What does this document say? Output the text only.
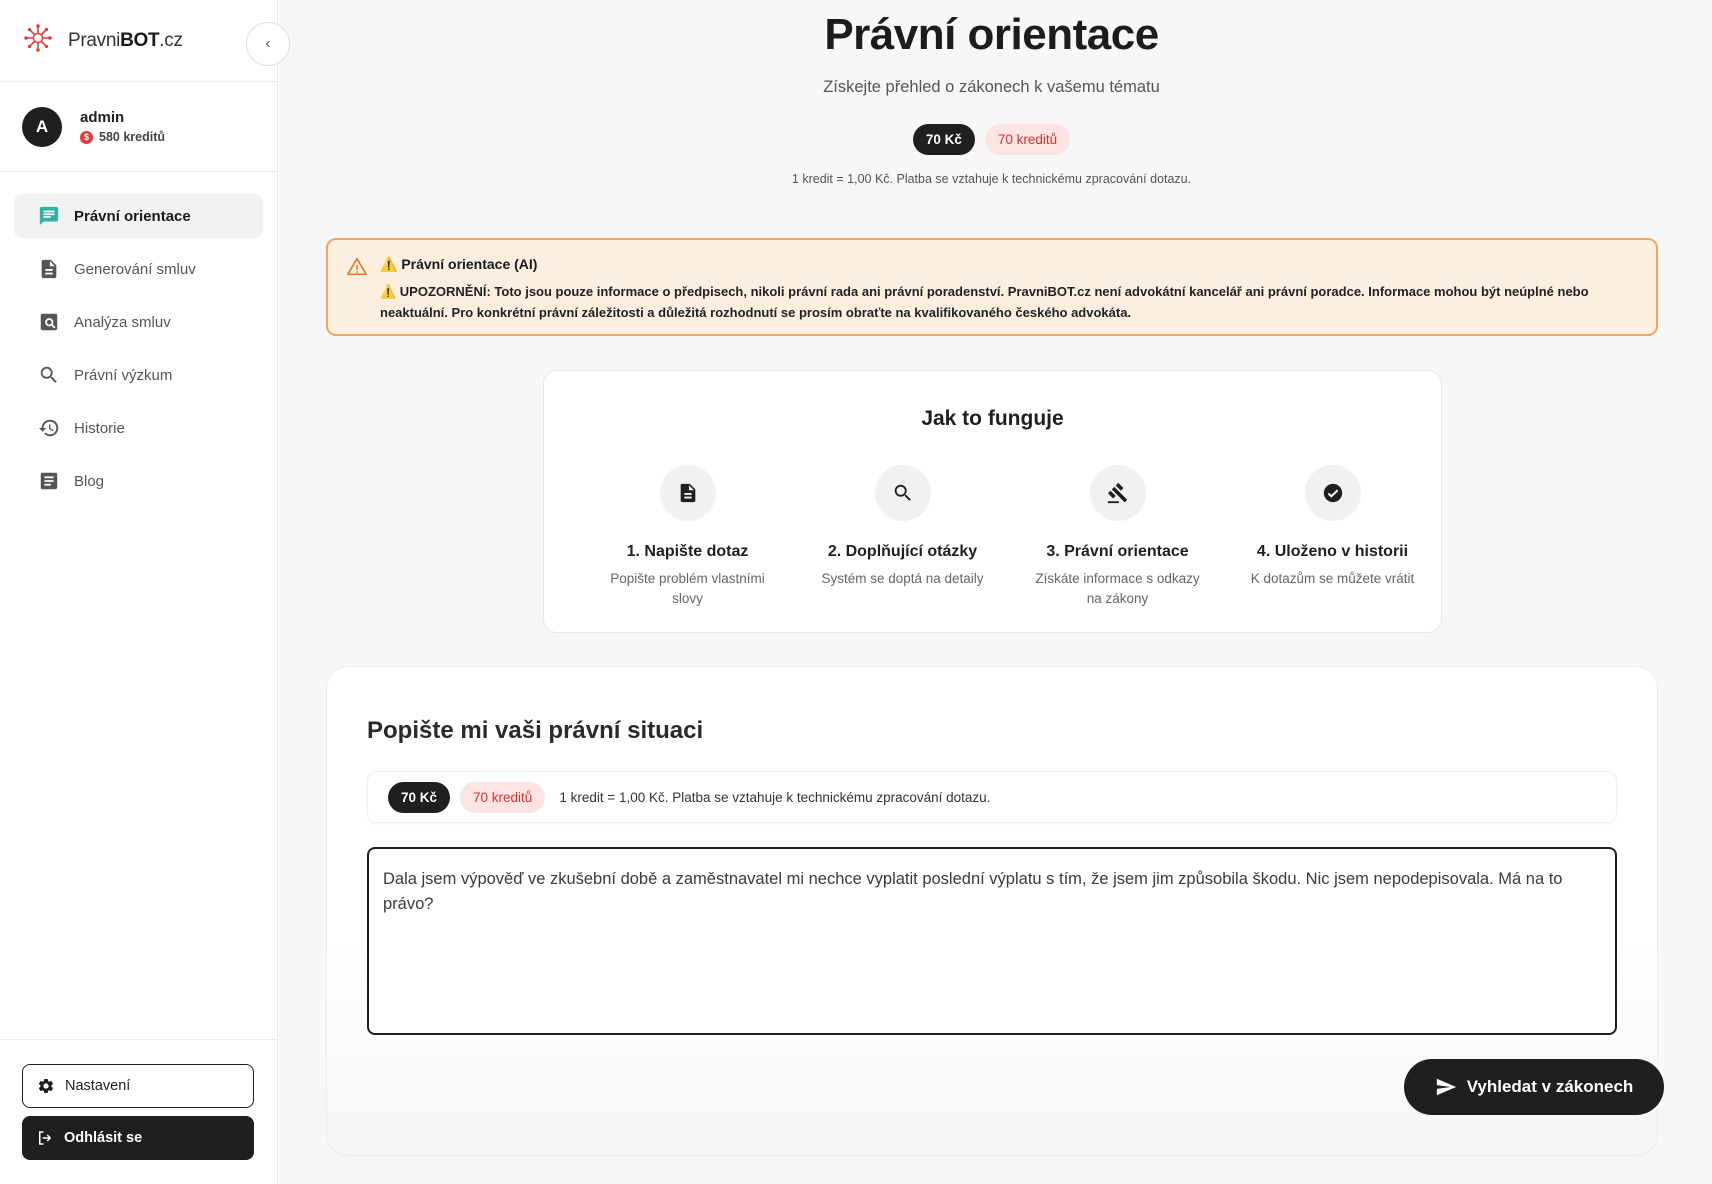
PravniBOT.cz
A	admin
$ 580 kreditů
Právní orientace
Generování smluv
Analýza smluv
Právní výzkum
Historie
Blog
Nastavení
Odhlásit se
‹	Právní orientace
Získejte přehled o zákonech k vašemu tématu
70 Kč	70 kreditů
1 kredit = 1,00 Kč. Platba se vztahuje k technickému zpracování dotazu.
⚠️ Právní orientace (AI)
⚠️ UPOZORNĚNÍ: Toto jsou pouze informace o předpisech, nikoli právní rada ani právní poradenství. PravniBOT.cz není advokátní kancelář ani právní poradce. Informace mohou být neúplné nebo neaktuální. Pro konkrétní právní záležitosti a důležitá rozhodnutí se prosím obraťte na kvalifikovaného českého advokáta.
Jak to funguje
1. Napište dotaz
Popište problém vlastními slovy
2. Doplňující otázky
Systém se doptá na detaily
3. Právní orientace
Získáte informace s odkazy na zákony
4. Uloženo v historii
K dotazům se můžete vrátit
Popište mi vaši právní situaci
70 Kč	70 kreditů	1 kredit = 1,00 Kč. Platba se vztahuje k technickému zpracování dotazu.
Dala jsem výpověď ve zkušební době a zaměstnavatel mi nechce vyplatit poslední výplatu s tím, že jsem jim způsobila škodu. Nic jsem nepodepisovala. Má na to právo?
Vyhledat v zákonech
